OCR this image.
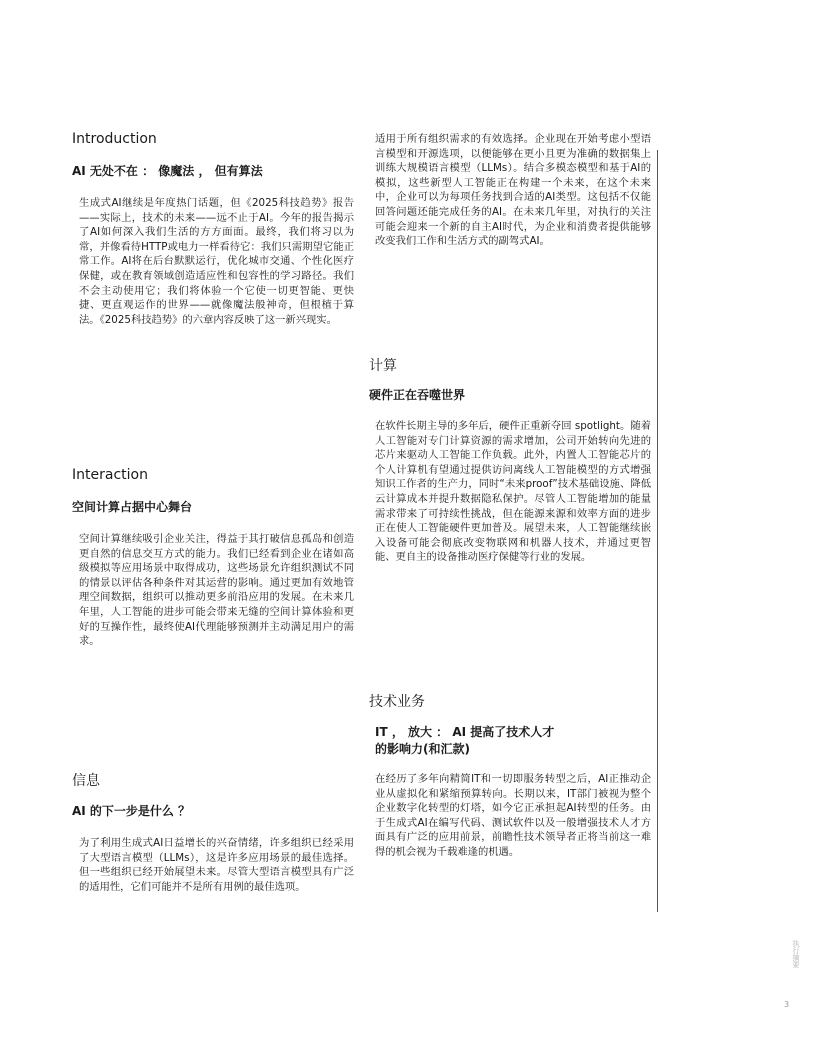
Introduction
AI 无处不在 ： 像魔法 ， 但有算法

生成式AI继续是年度热门话题，但《2025科技趋势》报告——实际上，技术的未来——远不止于AI。今年的报告揭示了AI如何深入我们生活的方方面面。最终，我们将习以为常，并像看待HTTP或电力一样看待它：我们只需期望它能正常工作。AI将在后台默默运行，优化城市交通、个性化医疗保健，或在教育领域创造适应性和包容性的学习路径。我们不会主动使用它；我们将体验一个它使一切更智能、更快捷、更直观运作的世界——就像魔法般神奇，但根植于算法。《2025科技趋势》的六章内容反映了这一新兴现实。

Interaction
空间计算占据中心舞台

空间计算继续吸引企业关注，得益于其打破信息孤岛和创造更自然的信息交互方式的能力。我们已经看到企业在诸如高级模拟等应用场景中取得成功，这些场景允许组织测试不同的情景以评估各种条件对其运营的影响。通过更加有效地管理空间数据，组织可以推动更多前沿应用的发展。在未来几年里，人工智能的进步可能会带来无缝的空间计算体验和更好的互操作性，最终使AI代理能够预测并主动满足用户的需求。

信息
AI 的下一步是什么 ？

为了利用生成式AI日益增长的兴奋情绪，许多组织已经采用了大型语言模型（LLMs），这是许多应用场景的最佳选择。但一些组织已经开始展望未来。尽管大型语言模型具有广泛的适用性，它们可能并不是所有用例的最佳选项。

适用于所有组织需求的有效选择。企业现在开始考虑小型语言模型和开源选项，以便能够在更小且更为准确的数据集上训练大规模语言模型（LLMs）。结合多模态模型和基于AI的模拟，这些新型人工智能正在构建一个未来，在这个未来中，企业可以为每项任务找到合适的AI类型。这包括不仅能回答问题还能完成任务的AI。在未来几年里，对执行的关注可能会迎来一个新的自主AI时代，为企业和消费者提供能够改变我们工作和生活方式的副驾式AI。

计算
硬件正在吞噬世界

在软件长期主导的多年后，硬件正重新夺回 spotlight。随着人工智能对专门计算资源的需求增加，公司开始转向先进的芯片来驱动人工智能工作负载。此外，内置人工智能芯片的个人计算机有望通过提供访问离线人工智能模型的方式增强知识工作者的生产力，同时“未来proof”技术基础设施、降低云计算成本并提升数据隐私保护。尽管人工智能增加的能量需求带来了可持续性挑战，但在能源来源和效率方面的进步正在使人工智能硬件更加普及。展望未来，人工智能继续嵌入设备可能会彻底改变物联网和机器人技术，并通过更智能、更自主的设备推动医疗保健等行业的发展。

技术业务
IT ， 放大 ： AI 提高了技术人才的影响力(和汇款)

在经历了多年向精简IT和一切即服务转型之后，AI正推动企业从虚拟化和紧缩预算转向。长期以来，IT部门被视为整个企业数字化转型的灯塔，如今它正承担起AI转型的任务。由于生成式AI在编写代码、测试软件以及一般增强技术人才方面具有广泛的应用前景，前瞻性技术领导者正将当前这一难得的机会视为千载难逢的机遇。

执行摘要
3
